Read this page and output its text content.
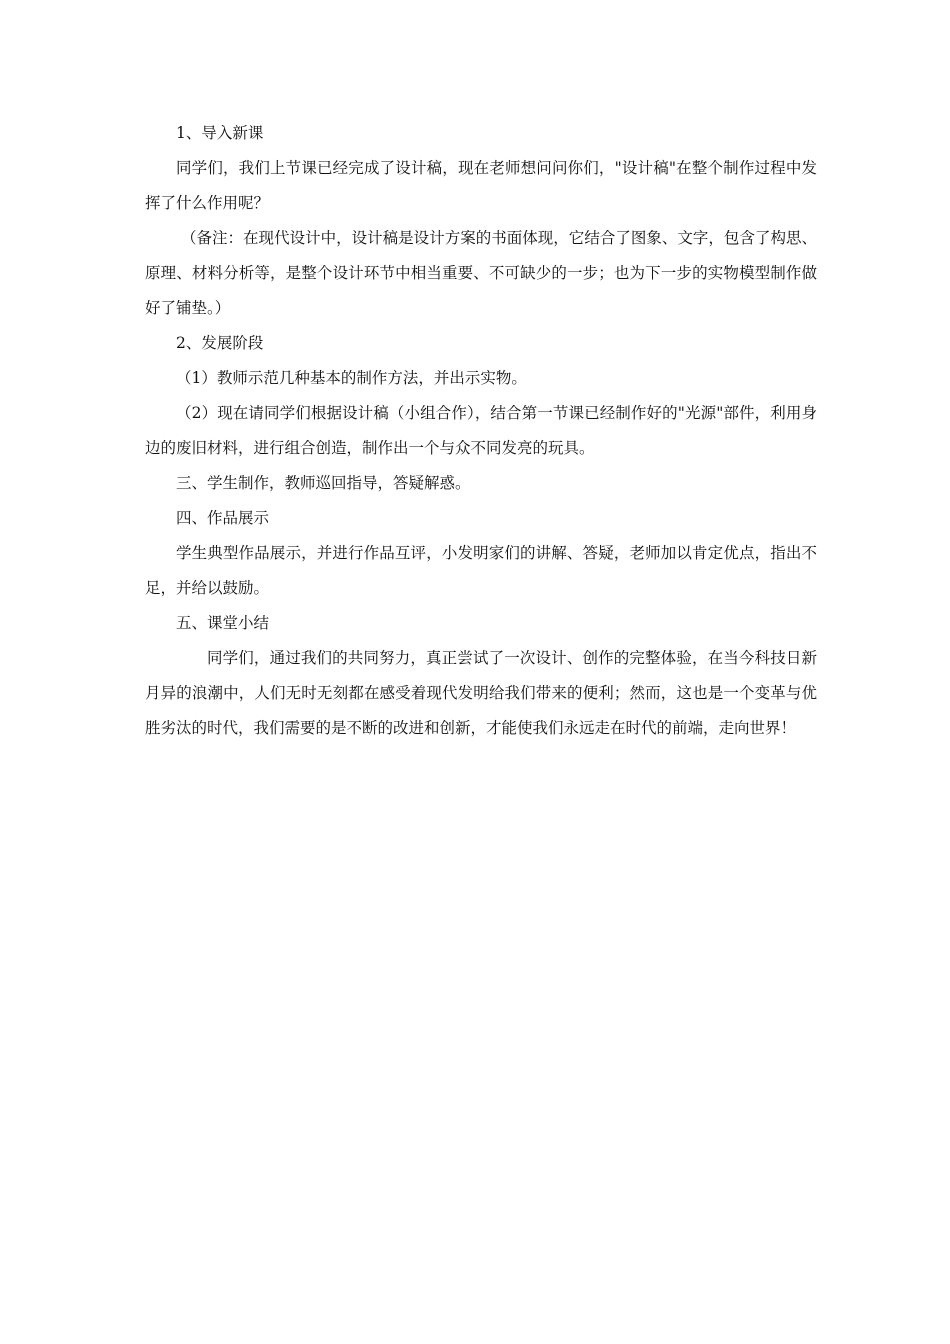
1、导入新课

同学们，我们上节课已经完成了设计稿，现在老师想问问你们，"设计稿"在整个制作过程中发挥了什么作用呢？

（备注：在现代设计中，设计稿是设计方案的书面体现，它结合了图象、文字，包含了构思、原理、材料分析等，是整个设计环节中相当重要、不可缺少的一步；也为下一步的实物模型制作做好了铺垫。）

2、发展阶段

（1）教师示范几种基本的制作方法，并出示实物。

（2）现在请同学们根据设计稿（小组合作），结合第一节课已经制作好的"光源"部件，利用身边的废旧材料，进行组合创造，制作出一个与众不同发亮的玩具。

三、学生制作，教师巡回指导，答疑解惑。

四、作品展示

学生典型作品展示，并进行作品互评，小发明家们的讲解、答疑，老师加以肯定优点，指出不足，并给以鼓励。

五、课堂小结

同学们，通过我们的共同努力，真正尝试了一次设计、创作的完整体验，在当今科技日新月异的浪潮中，人们无时无刻都在感受着现代发明给我们带来的便利；然而，这也是一个变革与优胜劣汰的时代，我们需要的是不断的改进和创新，才能使我们永远走在时代的前端，走向世界！
